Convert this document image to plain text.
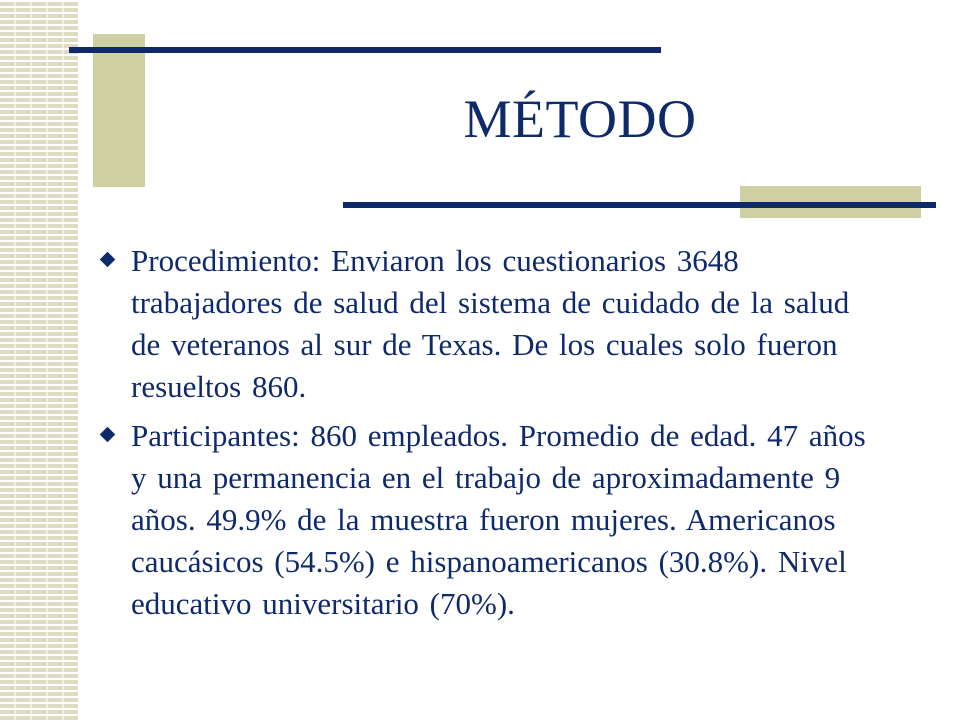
MÉTODO
Procedimiento: Enviaron los cuestionarios 3648 trabajadores de salud del sistema de cuidado de la salud de veteranos al sur de Texas. De los cuales solo fueron resueltos 860.
Participantes: 860 empleados. Promedio de edad. 47 años y una permanencia en el trabajo de aproximadamente 9 años. 49.9% de la muestra fueron mujeres. Americanos caucásicos (54.5%) e hispanoamericanos (30.8%). Nivel educativo universitario (70%).
